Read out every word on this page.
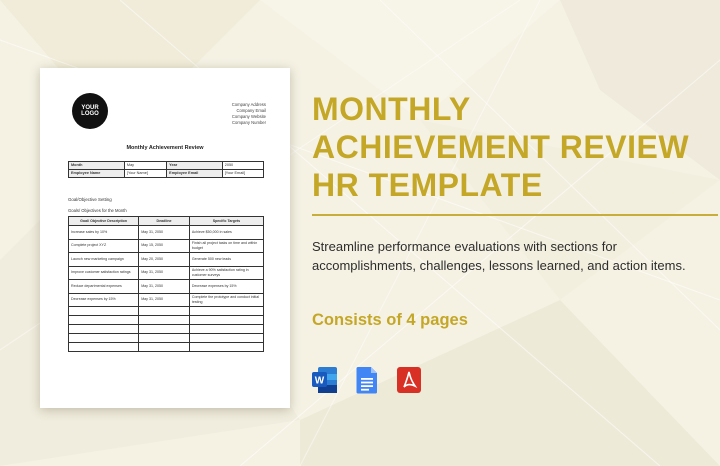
YOUR
LOGO
Company Address
Company Email
Company Website
Company Number
Monthly Achievement Review
Month	May	Year	2050
Employee Name	[Your Name]	Employee Email	[Your Email]
Goal/Objective Setting
Goals/ Objectives for the Month
Goal/ Objective Description	Deadline	Specific Targets
Increase sales by 10%	May 31, 2050	Achieve $50,000 in sales
Complete project XYZ	May 15, 2050	Finish all project tasks on time and within budget
Launch new marketing campaign	May 20, 2050	Generate 500 new leads
Improve customer satisfaction ratings	May 31, 2050	Achieve a 90% satisfaction rating in customer surveys
Reduce departmental expenses	May 31, 2050	Decrease expenses by 15%
Decrease expenses by 15%	May 31, 2050	Complete the prototype and conduct initial testing

MONTHLY
ACHIEVEMENT REVIEW
HR TEMPLATE
Streamline performance evaluations with sections for accomplishments, challenges, lessons learned, and action items.
Consists of 4 pages
W
